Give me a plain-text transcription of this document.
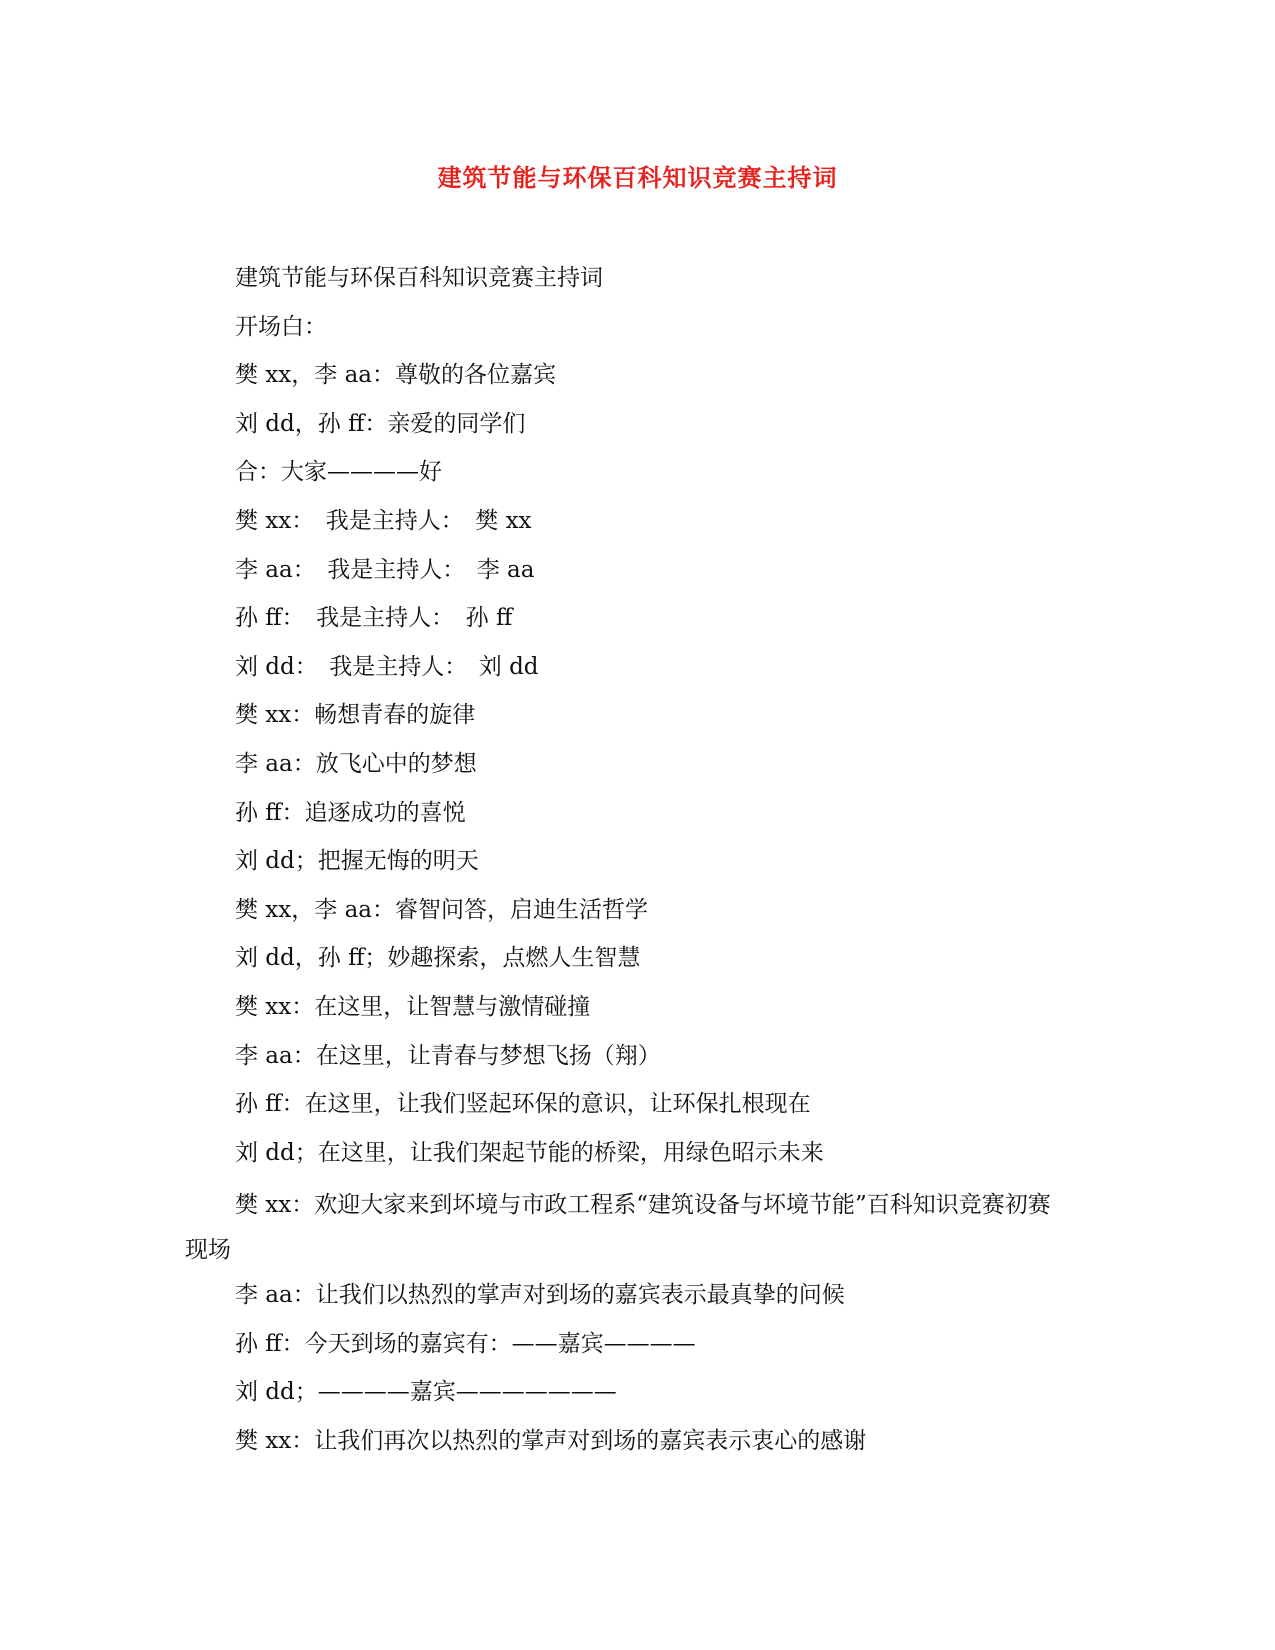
建筑节能与环保百科知识竞赛主持词

建筑节能与环保百科知识竞赛主持词

开场白：

樊 xx，李 aa：尊敬的各位嘉宾

刘 dd，孙 ff：亲爱的同学们

合：大家————好

樊 xx：　我是主持人：　樊 xx

李 aa：　我是主持人：　李 aa

孙 ff：　我是主持人：　孙 ff

刘 dd：　我是主持人：　刘 dd

樊 xx：畅想青春的旋律

李 aa：放飞心中的梦想

孙 ff：追逐成功的喜悦

刘 dd；把握无悔的明天

樊 xx，李 aa：睿智问答，启迪生活哲学

刘 dd，孙 ff；妙趣探索，点燃人生智慧

樊 xx：在这里，让智慧与激情碰撞

李 aa：在这里，让青春与梦想飞扬（翔）

孙 ff：在这里，让我们竖起环保的意识，让环保扎根现在

刘 dd；在这里，让我们架起节能的桥梁，用绿色昭示未来

樊 xx：欢迎大家来到坏境与市政工程系“建筑设备与坏境节能”百科知识竞赛初赛现场

李 aa：让我们以热烈的掌声对到场的嘉宾表示最真挚的问候

孙 ff：今天到场的嘉宾有：——嘉宾————

刘 dd；————嘉宾———————

樊 xx：让我们再次以热烈的掌声对到场的嘉宾表示衷心的感谢
